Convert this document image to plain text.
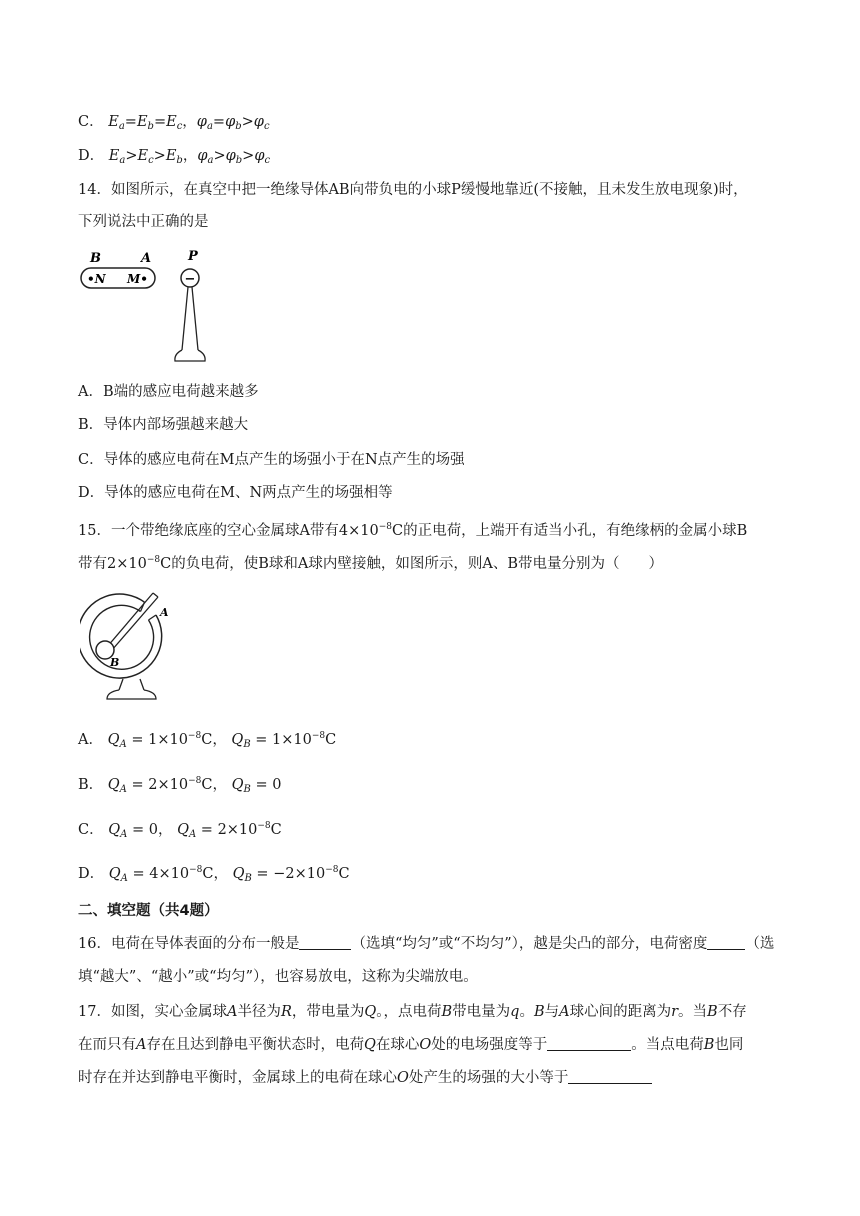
C． $E_a=E_b=E_c$，$\varphi_a=\varphi_b>\varphi_c$
D． $E_a>E_c>E_b$，$\varphi_a>\varphi_b>\varphi_c$
14．如图所示，在真空中把一绝缘导体AB向带负电的小球P缓慢地靠近(不接触，且未发生放电现象)时，
下列说法中正确的是
B	A
•N M•
P
−
A．B端的感应电荷越来越多
B．导体内部场强越来越大
C．导体的感应电荷在M点产生的场强小于在N点产生的场强
D．导体的感应电荷在M、N两点产生的场强相等
15．一个带绝缘底座的空心金属球A带有$4\times 10^{-8}C$的正电荷，上端开有适当小孔，有绝缘柄的金属小球B
带有$2\times 10^{-8}C$的负电荷，使B球和A球内壁接触，如图所示，则A、B带电量分别为（　　）
A
B
A． $Q_A = 1\times 10^{-8}C$， $Q_B = 1\times 10^{-8}C$
B． $Q_A = 2\times 10^{-8}C$， $Q_B = 0$
C． $Q_A = 0$， $Q_A = 2\times 10^{-8}C$
D． $Q_A = 4\times 10^{-8}C$， $Q_B = -2\times 10^{-8}C$
二、填空题（共4题）
16．电荷在导体表面的分布一般是	（选填“均匀”或“不均匀”），越是尖凸的部分，电荷密度	（选
填“越大”、“越小”或“均匀”），也容易放电，这称为尖端放电。
17．如图，实心金属球A半径为R，带电量为Q。，点电荷B带电量为q。B与A球心间的距离为r。当B不存
在而只有A存在且达到静电平衡状态时，电荷Q在球心O处的电场强度等于	。当点电荷B也同
时存在并达到静电平衡时，金属球上的电荷在球心O处产生的场强的大小等于
